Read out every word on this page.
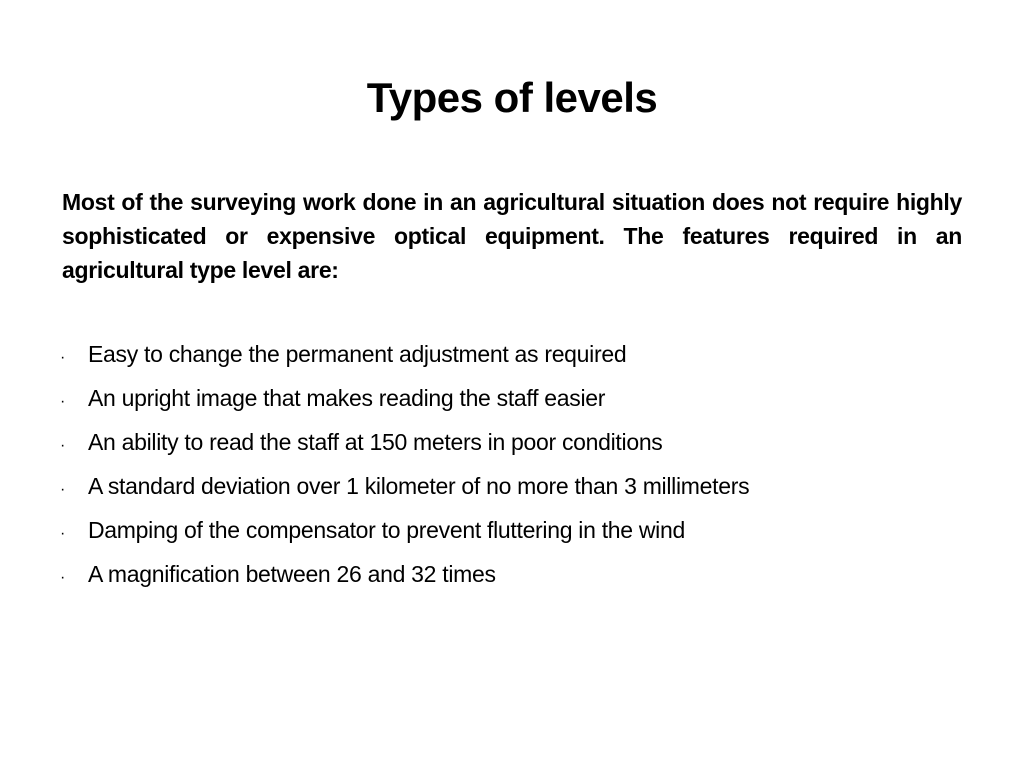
Types of levels

Most of the surveying work done in an agricultural situation does not require highly sophisticated or expensive optical equipment. The features required in an agricultural type level are:

· Easy to change the permanent adjustment as required
· An upright image that makes reading the staff easier
· An ability to read the staff at 150 meters in poor conditions
· A standard deviation over 1 kilometer of no more than 3 millimeters
· Damping of the compensator to prevent fluttering in the wind
· A magnification between 26 and 32 times
